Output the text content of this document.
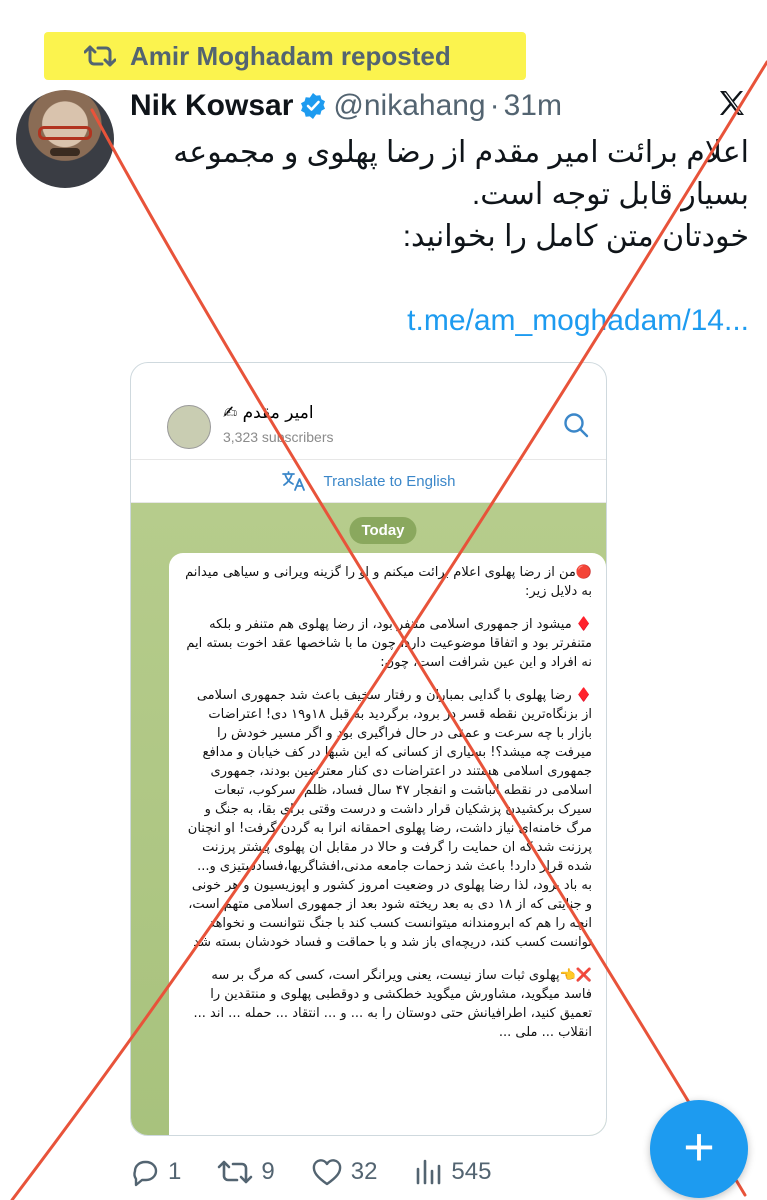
Amir Moghadam reposted
Nik Kowsar @nikahang · 31m
اعلام برائت امیر مقدم از رضا پهلوی و مجموعه
بسیار قابل توجه است.
خودتان متن کامل را بخوانید:
t.me/am_moghadam/14...
امیر مقدم ✍
3,323 subscribers
Translate to English
Today

🔴من از رضا پهلوی اعلام برائت میکنم و او را گزینه ویرانی و سیاهی میدانم به دلایل زیر:

♦️ میشود از جمهوری اسلامی متنفر بود، از رضا پهلوی هم متنفر و بلکه متنفرتر بود و اتفاقا موضوعیت دارد، چون ما با شاخصها عقد اخوت بسته ایم نه افراد و این عین شرافت است، چون:

♦️ رضا پهلوی با گدایی بمباران و رفتار سخیف باعث شد جمهوری اسلامی از بزنگاه‌ترین نقطه قسر در برود، برگردید به قبل ۱۸و۱۹ دی! اعتراضات بازار با چه سرعت و عمقی در حال فراگیری بود و اگر مسیر خودش را میرفت چه میشد؟! بسیاری از کسانی که این شبها در کف خیابان و مدافع جمهوری اسلامی هستند در اعتراضات دی کنار معترضین بودند، جمهوری اسلامی در نقطه انباشت و انفجار ۴۷ سال فساد، ظلم، سرکوب، تبعات سیرک برکشیدن پزشکیان قرار داشت و درست وقتی برای بقا، به جنگ و مرگ خامنه‌ای نیاز داشت، رضا پهلوی احمقانه انرا به گردن گرفت! او انچنان پرزنت شد که ان حمایت را گرفت و حالا در مقابل ان پهلوی پیشتر پرزنت شده قرار دارد! باعث شد زحمات جامعه مدنی،افشاگریها،فسادستیزی و... به باد برود، لذا رضا پهلوی در وضعیت امروز کشور و اپوزیسیون و هر خونی و جنایتی که از ۱۸ دی به بعد ریخته شود بعد از جمهوری اسلامی متهم است، انچه را هم که ابرومندانه میتوانست کسب کند با جنگ نتوانست و نخواهد توانست کسب کند، دریچه‌ای باز شد و با حماقت و فساد خودشان بسته شد

❌👈پهلوی ثبات ساز نیست، یعنی ویرانگر است، کسی که مرگ بر سه فاسد میگوید، مشاورش میگوید خطکشی و دوقطبی پهلوی و منتقدین را تعمیق کنید، اطرافیانش حتی دوستان را به ... و ... انتقاد ... حمله ... اند ... انقلاب ... ملی ...

1	9	32	545	+
